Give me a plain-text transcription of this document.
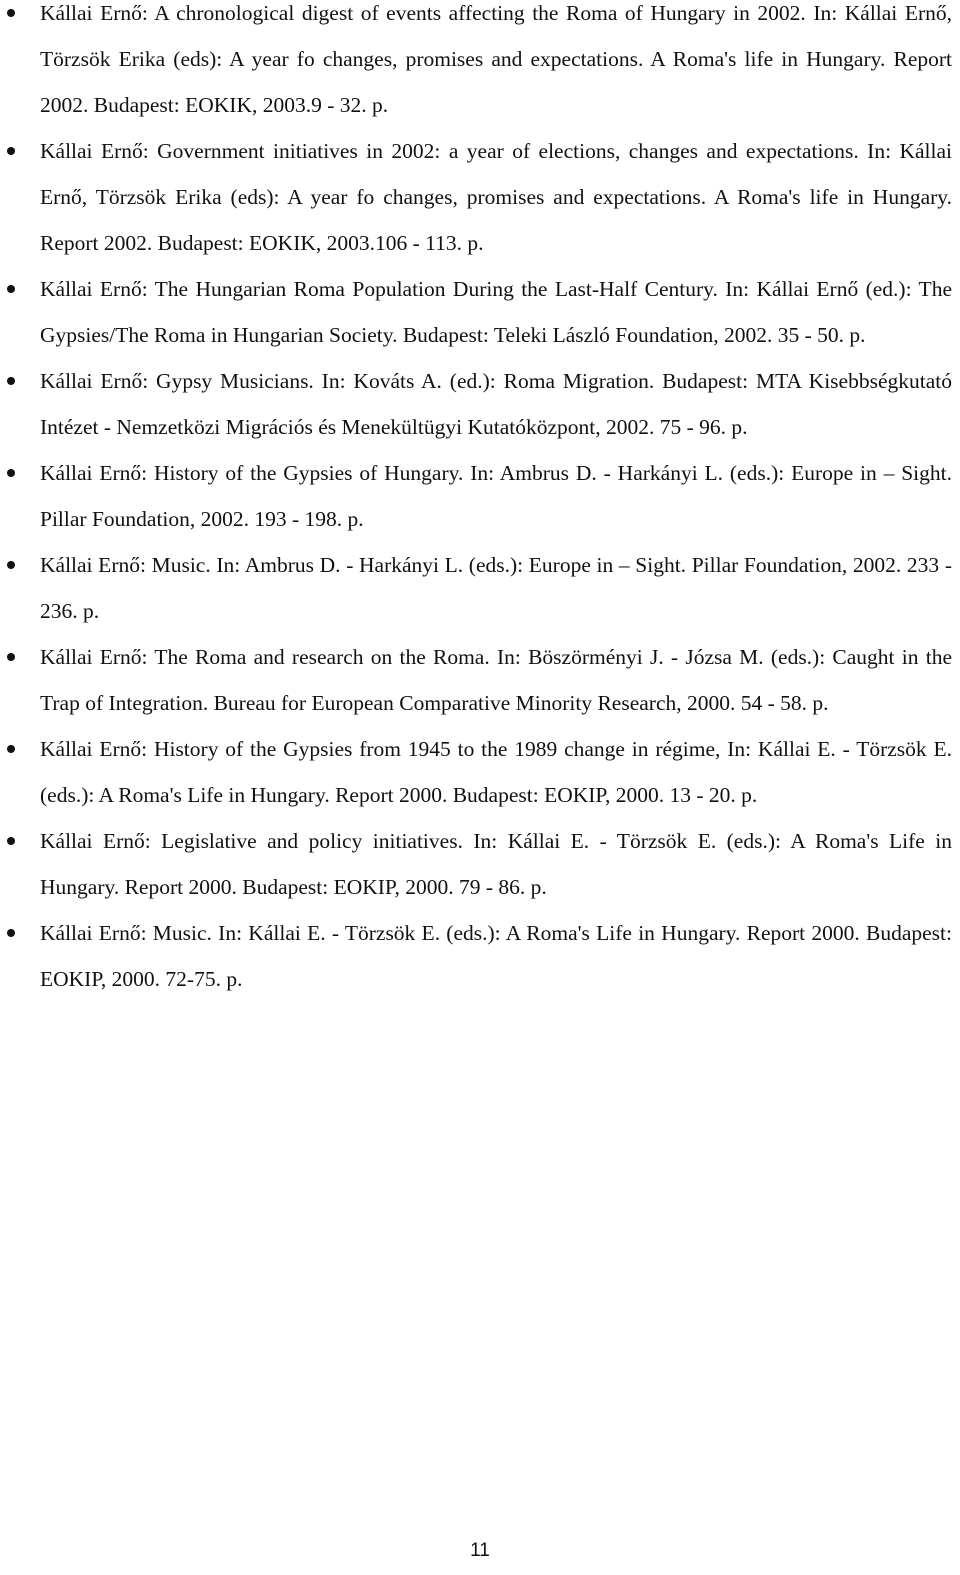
Kállai Ernő: A chronological digest of events affecting the Roma of Hungary in 2002. In: Kállai Ernő, Törzsök Erika (eds): A year fo changes, promises and expectations. A Roma's life in Hungary. Report 2002. Budapest: EOKIK, 2003.9 - 32. p.
Kállai Ernő: Government initiatives in 2002: a year of elections, changes and expectations. In: Kállai Ernő, Törzsök Erika (eds): A year fo changes, promises and expectations. A Roma's life in Hungary. Report 2002. Budapest: EOKIK, 2003.106 - 113. p.
Kállai Ernő: The Hungarian Roma Population During the Last-Half Century. In: Kállai Ernő (ed.): The Gypsies/The Roma in Hungarian Society. Budapest: Teleki László Foundation, 2002. 35 - 50. p.
Kállai Ernő: Gypsy Musicians. In: Kováts A. (ed.): Roma Migration. Budapest: MTA Kisebbségkutató Intézet - Nemzetközi Migrációs és Menekültügyi Kutatóközpont, 2002. 75 - 96. p.
Kállai Ernő: History of the Gypsies of Hungary. In: Ambrus D. - Harkányi L. (eds.): Europe in – Sight. Pillar Foundation, 2002. 193 - 198. p.
Kállai Ernő: Music. In: Ambrus D. - Harkányi L. (eds.): Europe in – Sight. Pillar Foundation, 2002. 233 - 236. p.
Kállai Ernő: The Roma and research on the Roma. In: Böszörményi J. - Józsa M. (eds.): Caught in the Trap of Integration. Bureau for European Comparative Minority Research, 2000. 54 - 58. p.
Kállai Ernő: History of the Gypsies from 1945 to the 1989 change in régime, In: Kállai E. - Törzsök E. (eds.): A Roma's Life in Hungary. Report 2000. Budapest: EOKIP, 2000. 13 - 20. p.
Kállai Ernő: Legislative and policy initiatives. In: Kállai E. - Törzsök E. (eds.): A Roma's Life in Hungary. Report 2000. Budapest: EOKIP, 2000. 79 - 86. p.
Kállai Ernő: Music. In: Kállai E. - Törzsök E. (eds.): A Roma's Life in Hungary. Report 2000. Budapest: EOKIP, 2000. 72-75. p.
11
